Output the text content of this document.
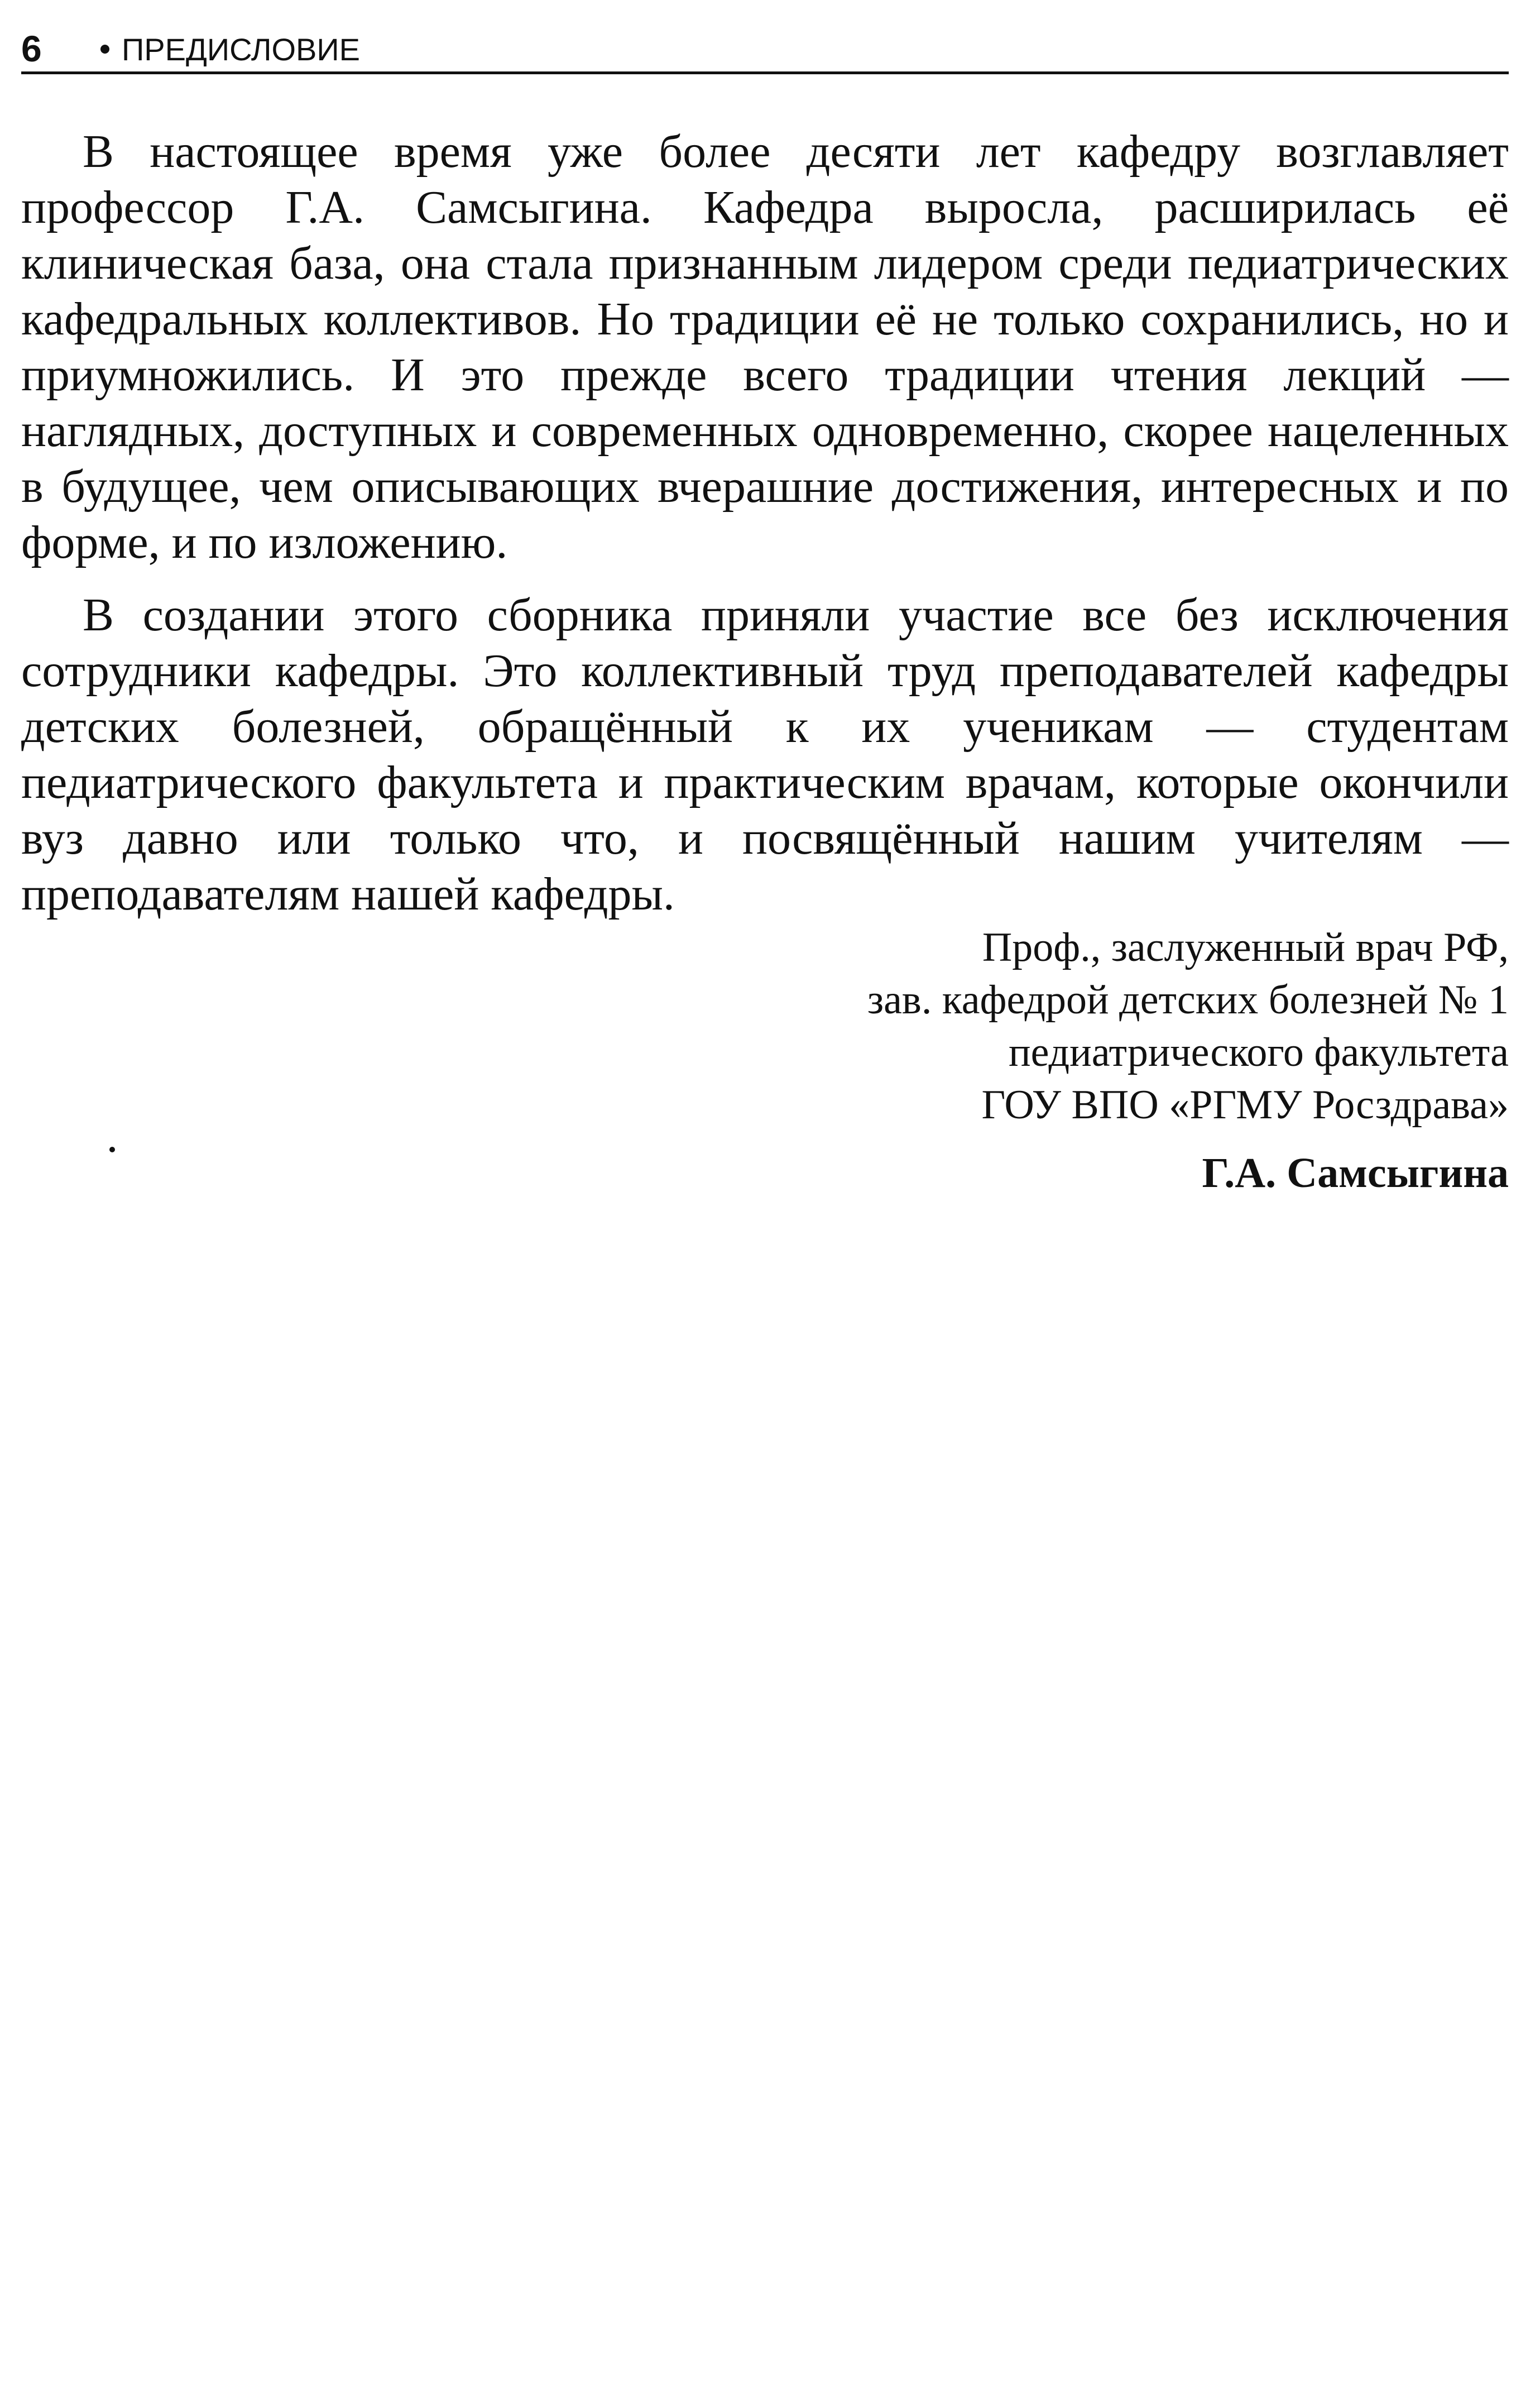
6	ПРЕДИСЛОВИЕ

В настоящее время уже более десяти лет кафедру возглавляет профессор Г.А. Самсыгина. Кафедра выросла, расширилась её клиническая база, она стала признанным лидером среди педиатрических кафедральных коллективов. Но традиции её не только сохранились, но и приумножились. И это прежде всего традиции чтения лекций — наглядных, доступных и современных одновременно, скорее нацеленных в будущее, чем описывающих вчерашние достижения, интересных и по форме, и по изложению.

В создании этого сборника приняли участие все без исключения сотрудники кафедры. Это коллективный труд преподавателей кафедры детских болезней, обращённый к их ученикам — студентам педиатрического факультета и практическим врачам, которые окончили вуз давно или только что, и посвящённый нашим учителям — преподавателям нашей кафедры.

Проф., заслуженный врач РФ,
зав. кафедрой детских болезней № 1
педиатрического факультета
ГОУ ВПО «РГМУ Росздрава»
Г.А. Самсыгина
